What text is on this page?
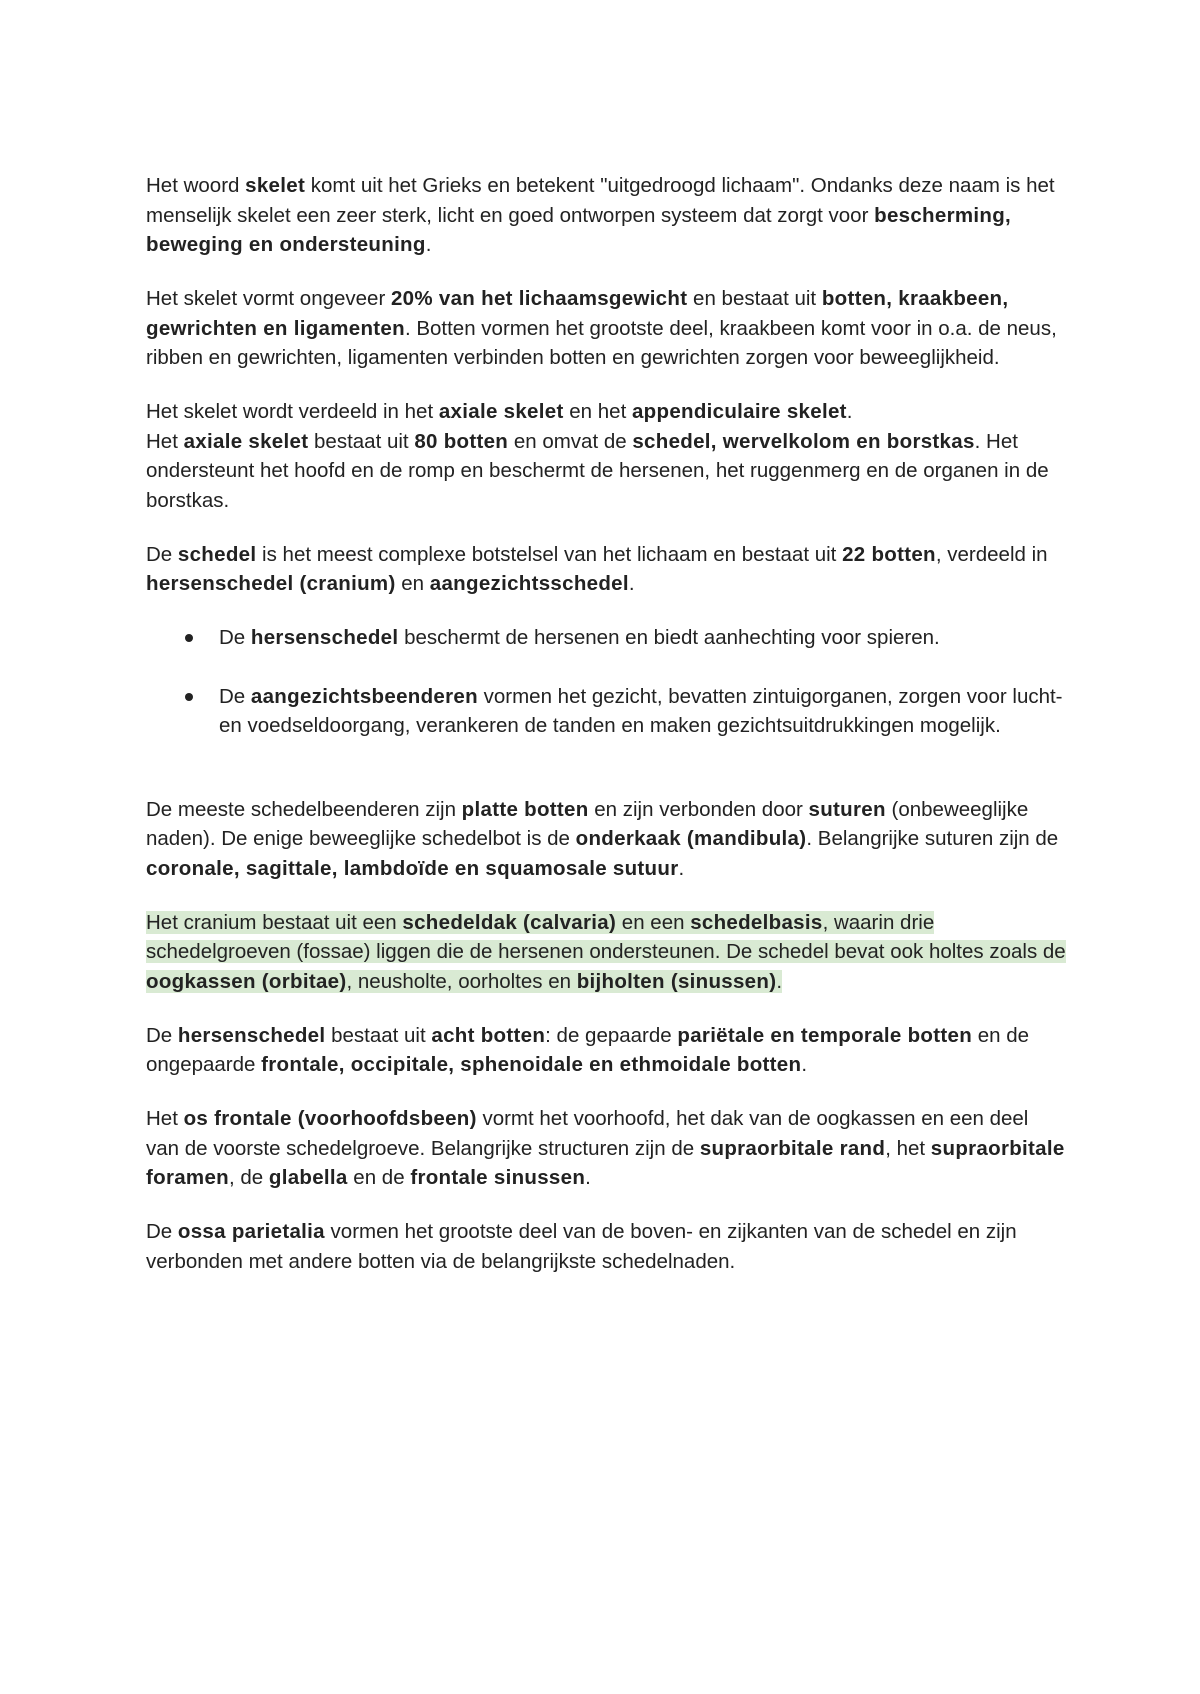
Het woord skelet komt uit het Grieks en betekent "uitgedroogd lichaam". Ondanks deze naam is het menselijk skelet een zeer sterk, licht en goed ontworpen systeem dat zorgt voor bescherming, beweging en ondersteuning.

Het skelet vormt ongeveer 20% van het lichaamsgewicht en bestaat uit botten, kraakbeen, gewrichten en ligamenten. Botten vormen het grootste deel, kraakbeen komt voor in o.a. de neus, ribben en gewrichten, ligamenten verbinden botten en gewrichten zorgen voor beweeglijkheid.

Het skelet wordt verdeeld in het axiale skelet en het appendiculaire skelet.
Het axiale skelet bestaat uit 80 botten en omvat de schedel, wervelkolom en borstkas. Het ondersteunt het hoofd en de romp en beschermt de hersenen, het ruggenmerg en de organen in de borstkas.

De schedel is het meest complexe botstelsel van het lichaam en bestaat uit 22 botten, verdeeld in hersenschedel (cranium) en aangezichtsschedel.

De hersenschedel beschermt de hersenen en biedt aanhechting voor spieren.
De aangezichtsbeenderen vormen het gezicht, bevatten zintuigorganen, zorgen voor lucht- en voedseldoorgang, verankeren de tanden en maken gezichtsuitdrukkingen mogelijk.

De meeste schedelbeenderen zijn platte botten en zijn verbonden door suturen (onbeweeglijke naden). De enige beweeglijke schedelbot is de onderkaak (mandibula). Belangrijke suturen zijn de coronale, sagittale, lambdoïde en squamosale sutuur.

Het cranium bestaat uit een schedeldak (calvaria) en een schedelbasis, waarin drie schedelgroeven (fossae) liggen die de hersenen ondersteunen. De schedel bevat ook holtes zoals de oogkassen (orbitae), neusholte, oorholtes en bijholten (sinussen).

De hersenschedel bestaat uit acht botten: de gepaarde pariëtale en temporale botten en de ongepaarde frontale, occipitale, sphenoidale en ethmoidale botten.

Het os frontale (voorhoofdsbeen) vormt het voorhoofd, het dak van de oogkassen en een deel van de voorste schedelgroeve. Belangrijke structuren zijn de supraorbitale rand, het supraorbitale foramen, de glabella en de frontale sinussen.

De ossa parietalia vormen het grootste deel van de boven- en zijkanten van de schedel en zijn verbonden met andere botten via de belangrijkste schedelnaden.
